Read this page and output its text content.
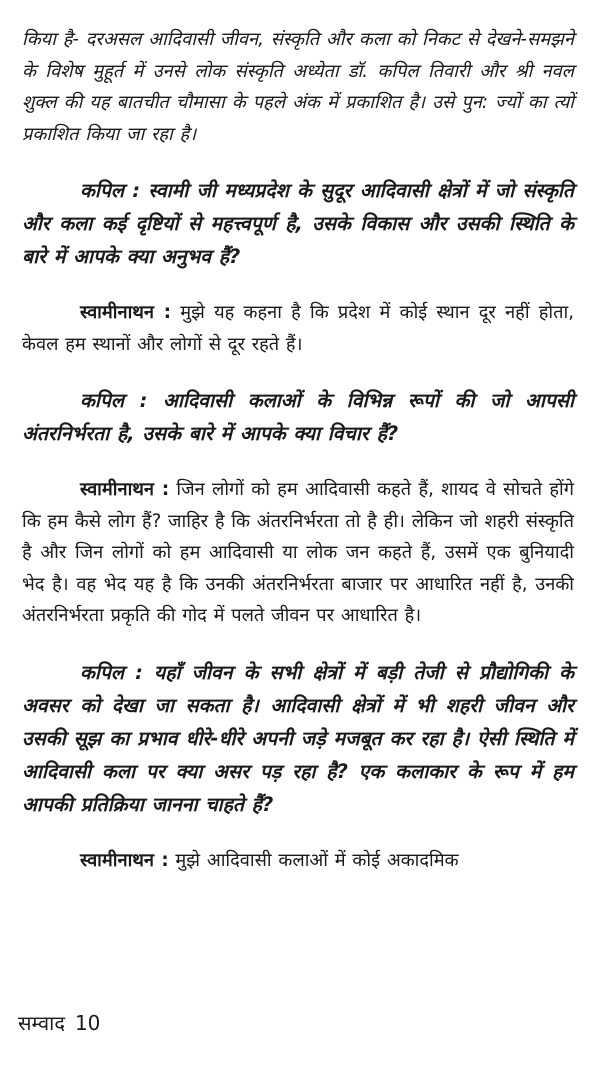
किया है- दरअसल आदिवासी जीवन, संस्कृति और कला को निकट से देखने-समझने के विशेष मुहूर्त में उनसे लोक संस्कृति अध्येता डॉ. कपिल तिवारी और श्री नवल शुक्ल की यह बातचीत चौमासा के पहले अंक में प्रकाशित है। उसे पुन: ज्यों का त्यों प्रकाशित किया जा रहा है।

कपिल : स्वामी जी मध्यप्रदेश के सुदूर आदिवासी क्षेत्रों में जो संस्कृति और कला कई दृष्टियों से महत्त्वपूर्ण है, उसके विकास और उसकी स्थिति के बारे में आपके क्या अनुभव हैं?

स्वामीनाथन : मुझे यह कहना है कि प्रदेश में कोई स्थान दूर नहीं होता, केवल हम स्थानों और लोगों से दूर रहते हैं।

कपिल : आदिवासी कलाओं के विभिन्न रूपों की जो आपसी अंतरनिर्भरता है, उसके बारे में आपके क्या विचार हैं?

स्वामीनाथन : जिन लोगों को हम आदिवासी कहते हैं, शायद वे सोचते होंगे कि हम कैसे लोग हैं? जाहिर है कि अंतरनिर्भरता तो है ही। लेकिन जो शहरी संस्कृति है और जिन लोगों को हम आदिवासी या लोक जन कहते हैं, उसमें एक बुनियादी भेद है। वह भेद यह है कि उनकी अंतरनिर्भरता बाजार पर आधारित नहीं है, उनकी अंतरनिर्भरता प्रकृति की गोद में पलते जीवन पर आधारित है।

कपिल : यहाँ जीवन के सभी क्षेत्रों में बड़ी तेजी से प्रौद्योगिकी के अवसर को देखा जा सकता है। आदिवासी क्षेत्रों में भी शहरी जीवन और उसकी सूझ का प्रभाव धीरे-धीरे अपनी जड़े मजबूत कर रहा है। ऐसी स्थिति में आदिवासी कला पर क्या असर पड़ रहा है? एक कलाकार के रूप में हम आपकी प्रतिक्रिया जानना चाहते हैं?

स्वामीनाथन : मुझे आदिवासी कलाओं में कोई अकादमिक

सम्वाद 10
